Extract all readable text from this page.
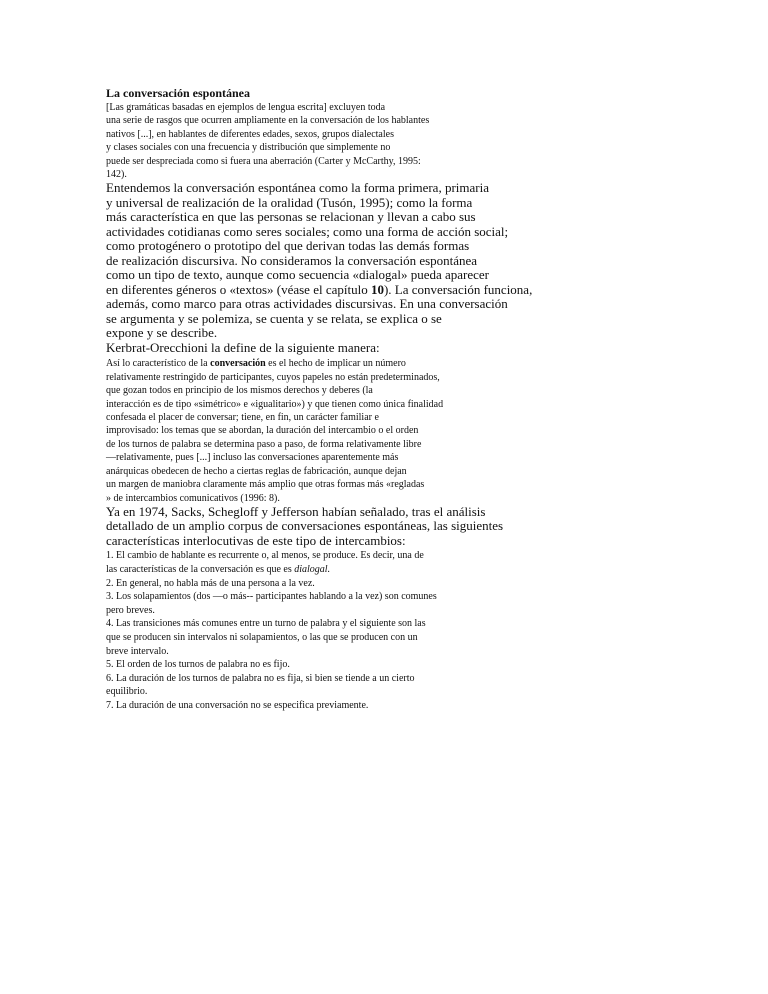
La conversación espontánea

[Las gramáticas basadas en ejemplos de lengua escrita] excluyen toda
una serie de rasgos que ocurren ampliamente en la conversación de los hablantes
nativos [...], en hablantes de diferentes edades, sexos, grupos dialectales
y clases sociales con una frecuencia y distribución que simplemente no
puede ser despreciada como si fuera una aberración (Carter y McCarthy, 1995:
142).
Entendemos la conversación espontánea como la forma primera, primaria
y universal de realización de la oralidad (Tusón, 1995); como la forma
más característica en que las personas se relacionan y llevan a cabo sus
actividades cotidianas como seres sociales; como una forma de acción social;
como protogénero o prototipo del que derivan todas las demás formas
de realización discursiva. No consideramos la conversación espontánea
como un tipo de texto, aunque como secuencia «dialogal» pueda aparecer
en diferentes géneros o «textos» (véase el capítulo 10). La conversación funciona,
además, como marco para otras actividades discursivas. En una conversación
se argumenta y se polemiza, se cuenta y se relata, se explica o se
expone y se describe.

Kerbrat-Orecchioni la define de la siguiente manera:

Así lo característico de la conversación es el hecho de implicar un número
relativamente restringido de participantes, cuyos papeles no están predeterminados,
que gozan todos en principio de los mismos derechos y deberes (la
interacción es de tipo «simétrico» e «igualitario») y que tienen como única finalidad
confesada el placer de conversar; tiene, en fin, un carácter familiar e
improvisado: los temas que se abordan, la duración del intercambio o el orden
de los turnos de palabra se determina paso a paso, de forma relativamente libre
—relativamente, pues [...] incluso las conversaciones aparentemente más
anárquicas obedecen de hecho a ciertas reglas de fabricación, aunque dejan
un margen de maniobra claramente más amplio que otras formas más «regladas
» de intercambios comunicativos (1996: 8).
Ya en 1974, Sacks, Schegloff y Jefferson habían señalado, tras el análisis
detallado de un amplio corpus de conversaciones espontáneas, las siguientes
características interlocutivas de este tipo de intercambios:
1. El cambio de hablante es recurrente o, al menos, se produce. Es decir, una de
las características de la conversación es que es dialogal.
2. En general, no habla más de una persona a la vez.
3. Los solapamientos (dos —o más-- participantes hablando a la vez) son comunes
pero breves.
4. Las transiciones más comunes entre un turno de palabra y el siguiente son las
que se producen sin intervalos ni solapamientos, o las que se producen con un
breve intervalo.
5. El orden de los turnos de palabra no es fijo.
6. La duración de los turnos de palabra no es fija, si bien se tiende a un cierto
equilibrio.
7. La duración de una conversación no se especifica previamente.
